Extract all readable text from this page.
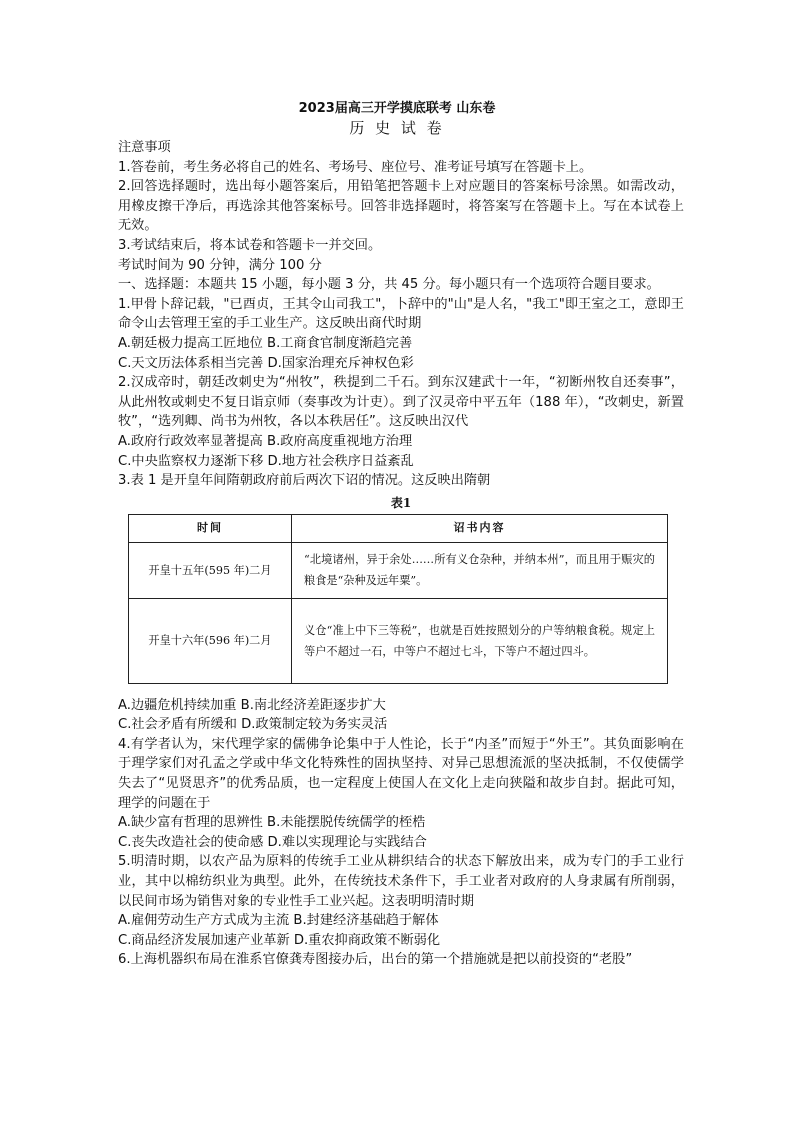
2023届高三开学摸底联考 山东卷
历 史 试 卷

注意事项

1.答卷前，考生务必将自己的姓名、考场号、座位号、准考证号填写在答题卡上。

2.回答选择题时，选出每小题答案后，用铅笔把答题卡上对应题目的答案标号涂黑。如需改动，用橡皮擦干净后，再选涂其他答案标号。回答非选择题时，将答案写在答题卡上。写在本试卷上无效。

3.考试结束后，将本试卷和答题卡一并交回。

考试时间为 90 分钟，满分 100 分

一、选择题：本题共 15 小题，每小题 3 分，共 45 分。每小题只有一个选项符合题目要求。

1.甲骨卜辞记载，"已酉贞，王其令山司我工"，卜辞中的"山"是人名，"我工"即王室之工，意即王命令山去管理王室的手工业生产。这反映出商代时期

A.朝廷极力提高工匠地位 B.工商食官制度渐趋完善

C.天文历法体系相当完善 D.国家治理充斥神权色彩

2.汉成帝时，朝廷改刺史为“州牧”，秩提到二千石。到东汉建武十一年，“初断州牧自还奏事”，从此州牧或刺史不复日诣京师（奏事改为计吏）。到了汉灵帝中平五年（188 年），“改刺史，新置牧”，“选列卿、尚书为州牧，各以本秩居任”。这反映出汉代

A.政府行政效率显著提高 B.政府高度重视地方治理

C.中央监察权力逐渐下移 D.地方社会秩序日益紊乱

3.表 1 是开皇年间隋朝政府前后两次下诏的情况。这反映出隋朝

表1
时间	诏书内容
开皇十五年(595 年)二月	“北境诸州，异于余处……所有义仓杂种，并纳本州”，而且用于赈灾的粮食是“杂种及远年粟”。
开皇十六年(596 年)二月	义仓“准上中下三等税”，也就是百姓按照划分的户等纳粮食税。规定上等户不超过一石，中等户不超过七斗，下等户不超过四斗。

A.边疆危机持续加重 B.南北经济差距逐步扩大

C.社会矛盾有所缓和 D.政策制定较为务实灵活

4.有学者认为，宋代理学家的儒佛争论集中于人性论，长于“内圣”而短于“外王”。其负面影响在于理学家们对孔孟之学或中华文化特殊性的固执坚持、对异己思想流派的坚决抵制，不仅使儒学失去了“见贤思齐”的优秀品质，也一定程度上使国人在文化上走向狭隘和故步自封。据此可知，理学的问题在于

A.缺少富有哲理的思辨性 B.未能摆脱传统儒学的桎梏

C.丧失改造社会的使命感 D.难以实现理论与实践结合

5.明清时期，以农产品为原料的传统手工业从耕织结合的状态下解放出来，成为专门的手工业行业，其中以棉纺织业为典型。此外，在传统技术条件下，手工业者对政府的人身隶属有所削弱，以民间市场为销售对象的专业性手工业兴起。这表明明清时期

A.雇佣劳动生产方式成为主流 B.封建经济基础趋于解体

C.商品经济发展加速产业革新 D.重农抑商政策不断弱化

6.上海机器织布局在淮系官僚龚寿图接办后，出台的第一个措施就是把以前投资的“老股”
